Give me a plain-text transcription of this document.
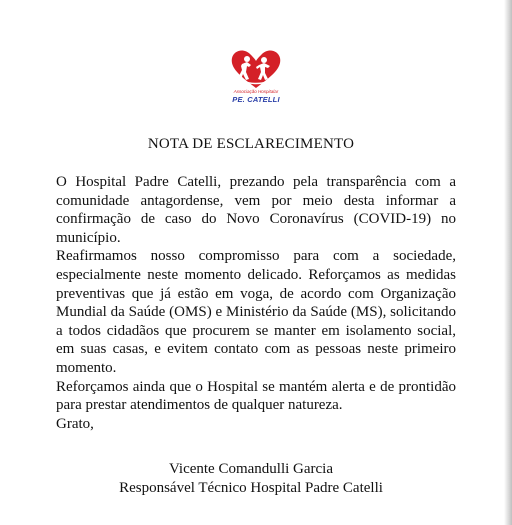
Associação Hospitalar
PE. CATELLI
NOTA DE ESCLARECIMENTO

O Hospital Padre Catelli, prezando pela transparência com a comunidade antagordense, vem por meio desta informar a confirmação de caso do Novo Coronavírus (COVID-19) no município.

Reafirmamos nosso compromisso para com a sociedade, especialmente neste momento delicado. Reforçamos as medidas preventivas que já estão em voga, de acordo com Organização Mundial da Saúde (OMS) e Ministério da Saúde (MS), solicitando a todos cidadãos que procurem se manter em isolamento social, em suas casas, e evitem contato com as pessoas neste primeiro momento.

Reforçamos ainda que o Hospital se mantém alerta e de prontidão para prestar atendimentos de qualquer natureza.

Grato,

Vicente Comandulli Garcia
Responsável Técnico Hospital Padre Catelli
